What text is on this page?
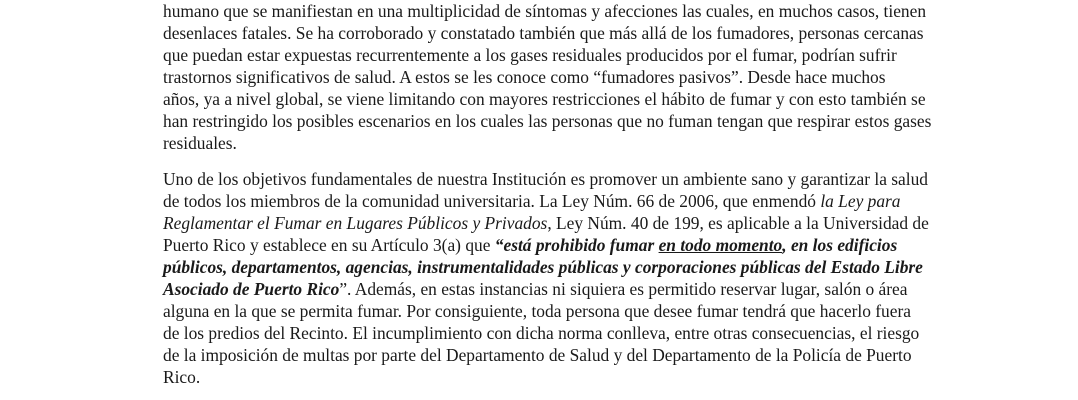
humano que se manifiestan en una multiplicidad de síntomas y afecciones las cuales, en muchos casos, tienen
desenlaces fatales. Se ha corroborado y constatado también que más allá de los fumadores, personas cercanas
que puedan estar expuestas recurrentemente a los gases residuales producidos por el fumar, podrían sufrir
trastornos significativos de salud. A estos se les conoce como “fumadores pasivos”. Desde hace muchos
años, ya a nivel global, se viene limitando con mayores restricciones el hábito de fumar y con esto también se
han restringido los posibles escenarios en los cuales las personas que no fuman tengan que respirar estos gases
residuales.
Uno de los objetivos fundamentales de nuestra Institución es promover un ambiente sano y garantizar la salud
de todos los miembros de la comunidad universitaria. La Ley Núm. 66 de 2006, que enmendó la Ley para
Reglamentar el Fumar en Lugares Públicos y Privados, Ley Núm. 40 de 199, es aplicable a la Universidad de
Puerto Rico y establece en su Artículo 3(a) que “está prohibido fumar en todo momento, en los edificios
públicos, departamentos, agencias, instrumentalidades públicas y corporaciones públicas del Estado Libre
Asociado de Puerto Rico”. Además, en estas instancias ni siquiera es permitido reservar lugar, salón o área
alguna en la que se permita fumar. Por consiguiente, toda persona que desee fumar tendrá que hacerlo fuera
de los predios del Recinto. El incumplimiento con dicha norma conlleva, entre otras consecuencias, el riesgo
de la imposición de multas por parte del Departamento de Salud y del Departamento de la Policía de Puerto
Rico.
